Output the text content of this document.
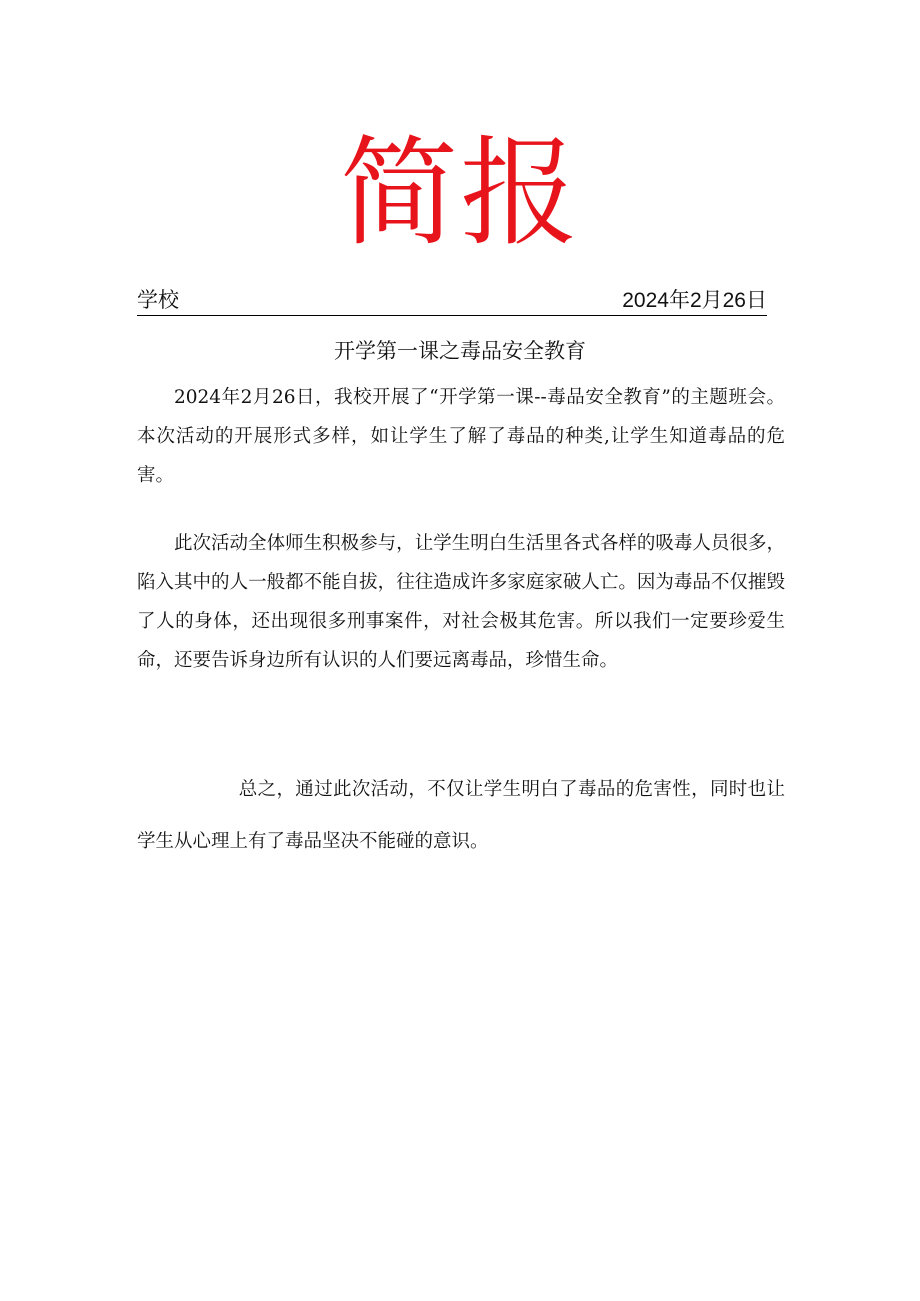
简报
学校	2024年2月26日
开学第一课之毒品安全教育

2024年2月26日，我校开展了“开学第一课--毒品安全教育”的主题班会。本次活动的开展形式多样，如让学生了解了毒品的种类,让学生知道毒品的危害。

此次活动全体师生积极参与，让学生明白生活里各式各样的吸毒人员很多，陷入其中的人一般都不能自拔，往往造成许多家庭家破人亡。因为毒品不仅摧毁了人的身体，还出现很多刑事案件，对社会极其危害。所以我们一定要珍爱生命，还要告诉身边所有认识的人们要远离毒品，珍惜生命。

总之，通过此次活动，不仅让学生明白了毒品的危害性，同时也让学生从心理上有了毒品坚决不能碰的意识。
